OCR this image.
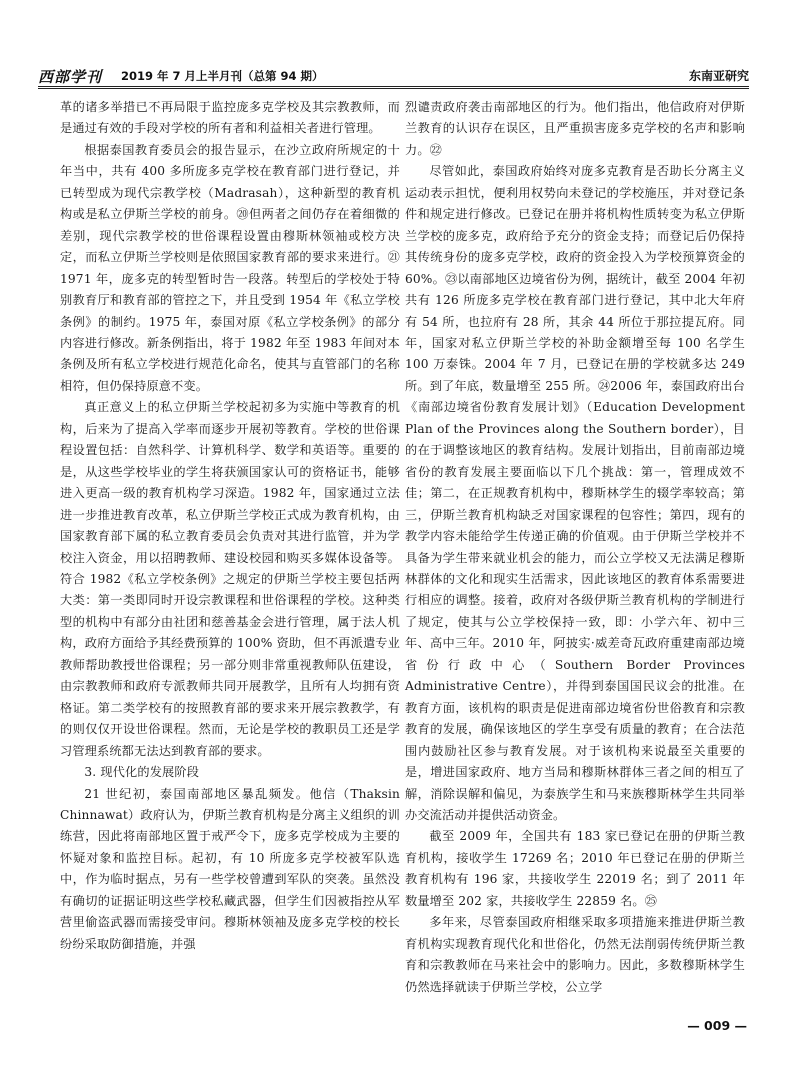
西部学刊 2019 年 7 月上半月刊（总第 94 期）	东南亚研究

革的诸多举措已不再局限于监控庞多克学校及其宗教教师，而是通过有效的手段对学校的所有者和利益相关者进行管理。

根据泰国教育委员会的报告显示，在沙立政府所规定的十年当中，共有 400 多所庞多克学校在教育部门进行登记，并已转型成为现代宗教学校（Madrasah），这种新型的教育机构或是私立伊斯兰学校的前身。⑳但两者之间仍存在着细微的差别，现代宗教学校的世俗课程设置由穆斯林领袖或校方决定，而私立伊斯兰学校则是依照国家教育部的要求来进行。㉑1971 年，庞多克的转型暂时告一段落。转型后的学校处于特别教育厅和教育部的管控之下，并且受到 1954 年《私立学校条例》的制约。1975 年，泰国对原《私立学校条例》的部分内容进行修改。新条例指出，将于 1982 年至 1983 年间对本条例及所有私立学校进行规范化命名，使其与直管部门的名称相符，但仍保持原意不变。

真正意义上的私立伊斯兰学校起初多为实施中等教育的机构，后来为了提高入学率而逐步开展初等教育。学校的世俗课程设置包括：自然科学、计算机科学、数学和英语等。重要的是，从这些学校毕业的学生将获颁国家认可的资格证书，能够进入更高一级的教育机构学习深造。1982 年，国家通过立法进一步推进教育改革，私立伊斯兰学校正式成为教育机构，由国家教育部下属的私立教育委员会负责对其进行监管，并为学校注入资金，用以招聘教师、建设校园和购买多媒体设备等。符合 1982《私立学校条例》之规定的伊斯兰学校主要包括两大类：第一类即同时开设宗教课程和世俗课程的学校。这种类型的机构中有部分由社团和慈善基金会进行管理，属于法人机构，政府方面给予其经费预算的 100% 资助，但不再派遣专业教师帮助教授世俗课程；另一部分则非常重视教师队伍建设，由宗教教师和政府专派教师共同开展教学，且所有人均拥有资格证。第二类学校有的按照教育部的要求来开展宗教教学，有的则仅仅开设世俗课程。然而，无论是学校的教职员工还是学习管理系统都无法达到教育部的要求。

3. 现代化的发展阶段

21 世纪初，泰国南部地区暴乱频发。他信（Thaksin Chinnawat）政府认为，伊斯兰教育机构是分离主义组织的训练营，因此将南部地区置于戒严令下，庞多克学校成为主要的怀疑对象和监控目标。起初，有 10 所庞多克学校被军队选中，作为临时据点，另有一些学校曾遭到军队的突袭。虽然没有确切的证据证明这些学校私藏武器，但学生们因被指控从军营里偷盗武器而需接受审问。穆斯林领袖及庞多克学校的校长纷纷采取防御措施，并强

烈谴责政府袭击南部地区的行为。他们指出，他信政府对伊斯兰教育的认识存在误区，且严重损害庞多克学校的名声和影响力。㉒

尽管如此，泰国政府始终对庞多克教育是否助长分离主义运动表示担忧，便利用权势向未登记的学校施压，并对登记条件和规定进行修改。已登记在册并将机构性质转变为私立伊斯兰学校的庞多克，政府给予充分的资金支持；而登记后仍保持其传统身份的庞多克学校，政府的资金投入为学校预算资金的 60%。㉓以南部地区边境省份为例，据统计，截至 2004 年初共有 126 所庞多克学校在教育部门进行登记，其中北大年府有 54 所，也拉府有 28 所，其余 44 所位于那拉提瓦府。同年，国家对私立伊斯兰学校的补助金额增至每 100 名学生 100 万泰铢。2004 年 7 月，已登记在册的学校就多达 249 所。到了年底，数量增至 255 所。㉔2006 年，泰国政府出台《南部边境省份教育发展计划》（Education Development Plan of the Provinces along the Southern border），目的在于调整该地区的教育结构。发展计划指出，目前南部边境省份的教育发展主要面临以下几个挑战：第一，管理成效不佳；第二，在正规教育机构中，穆斯林学生的辍学率较高；第三，伊斯兰教育机构缺乏对国家课程的包容性；第四，现有的教学内容未能给学生传递正确的价值观。由于伊斯兰学校并不具备为学生带来就业机会的能力，而公立学校又无法满足穆斯林群体的文化和现实生活需求，因此该地区的教育体系需要进行相应的调整。接着，政府对各级伊斯兰教育机构的学制进行了规定，使其与公立学校保持一致，即：小学六年、初中三年、高中三年。2010 年，阿披实·威差奇瓦政府重建南部边境省份行政中心（Southern Border Provinces Administrative Centre），并得到泰国国民议会的批准。在教育方面，该机构的职责是促进南部边境省份世俗教育和宗教教育的发展，确保该地区的学生享受有质量的教育；在合法范围内鼓励社区参与教育发展。对于该机构来说最至关重要的是，增进国家政府、地方当局和穆斯林群体三者之间的相互了解，消除误解和偏见，为泰族学生和马来族穆斯林学生共同举办交流活动并提供活动资金。

截至 2009 年，全国共有 183 家已登记在册的伊斯兰教育机构，接收学生 17269 名；2010 年已登记在册的伊斯兰教育机构有 196 家，共接收学生 22019 名；到了 2011 年数量增至 202 家，共接收学生 22859 名。㉕

多年来，尽管泰国政府相继采取多项措施来推进伊斯兰教育机构实现教育现代化和世俗化，仍然无法削弱传统伊斯兰教育和宗教教师在马来社会中的影响力。因此，多数穆斯林学生仍然选择就读于伊斯兰学校，公立学

— 009 —
